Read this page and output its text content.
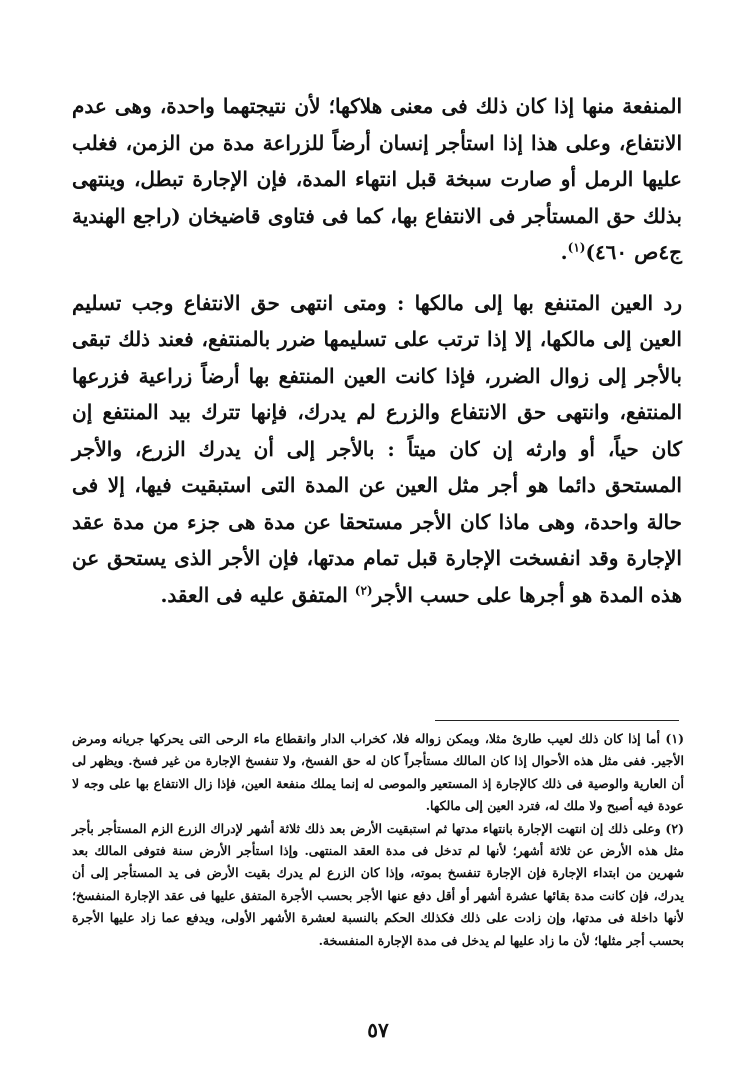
المنفعة منها إذا كان ذلك فى معنى هلاكها؛ لأن نتيجتهما واحدة، وهى عدم الانتفاع، وعلى هذا إذا استأجر إنسان أرضاً للزراعة مدة من الزمن، فغلب عليها الرمل أو صارت سبخة قبل انتهاء المدة، فإن الإجارة تبطل، وينتهى بذلك حق المستأجر فى الانتفاع بها، كما فى فتاوى قاضيخان (راجع الهندية ج٤ص ٤٦٠)$^{(١)}$.

رد العين المتنفع بها إلى مالكها : ومتى انتهى حق الانتفاع وجب تسليم العين إلى مالكها، إلا إذا ترتب على تسليمها ضرر بالمنتفع، فعند ذلك تبقى بالأجر إلى زوال الضرر، فإذا كانت العين المنتفع بها أرضاً زراعية فزرعها المنتفع، وانتهى حق الانتفاع والزرع لم يدرك، فإنها تترك بيد المنتفع إن كان حياً، أو وارثه إن كان ميتاً : بالأجر إلى أن يدرك الزرع، والأجر المستحق دائما هو أجر مثل العين عن المدة التى استبقيت فيها، إلا فى حالة واحدة، وهى ماذا كان الأجر مستحقا عن مدة هى جزء من مدة عقد الإجارة وقد انفسخت الإجارة قبل تمام مدتها، فإن الأجر الذى يستحق عن هذه المدة هو أجرها على حسب الأجر$^{(٢)}$ المتفق عليه فى العقد.

(١) أما إذا كان ذلك لعيب طارئ مثلا، ويمكن زواله فلا، كخراب الدار وانقطاع ماء الرحى التى يحركها جريانه ومرض الأجير. ففى مثل هذه الأحوال إذا كان المالك مستأجراً كان له حق الفسخ، ولا تنفسخ الإجارة من غير فسخ. ويظهر لى أن العارية والوصية فى ذلك كالإجارة إذ المستعير والموصى له إنما يملك منفعة العين، فإذا زال الانتفاع بها على وجه لا عودة فيه أصبح ولا ملك له، فترد العين إلى مالكها.

(٢) وعلى ذلك إن انتهت الإجارة بانتهاء مدتها ثم استبقيت الأرض بعد ذلك ثلاثة أشهر لإدراك الزرع الزم المستأجر بأجر مثل هذه الأرض عن ثلاثة أشهر؛ لأنها لم تدخل فى مدة العقد المنتهى. وإذا استأجر الأرض سنة فتوفى المالك بعد شهرين من ابتداء الإجارة فإن الإجارة تنفسخ بموته، وإذا كان الزرع لم يدرك بقيت الأرض فى يد المستأجر إلى أن يدرك، فإن كانت مدة بقائها عشرة أشهر أو أقل دفع عنها الأجر بحسب الأجرة المتفق عليها فى عقد الإجارة المنفسخ؛ لأنها داخلة فى مدتها، وإن زادت على ذلك فكذلك الحكم بالنسبة لعشرة الأشهر الأولى، ويدفع عما زاد عليها الأجرة بحسب أجر مثلها؛ لأن ما زاد عليها لم يدخل فى مدة الإجارة المنفسخة.

٥٧
